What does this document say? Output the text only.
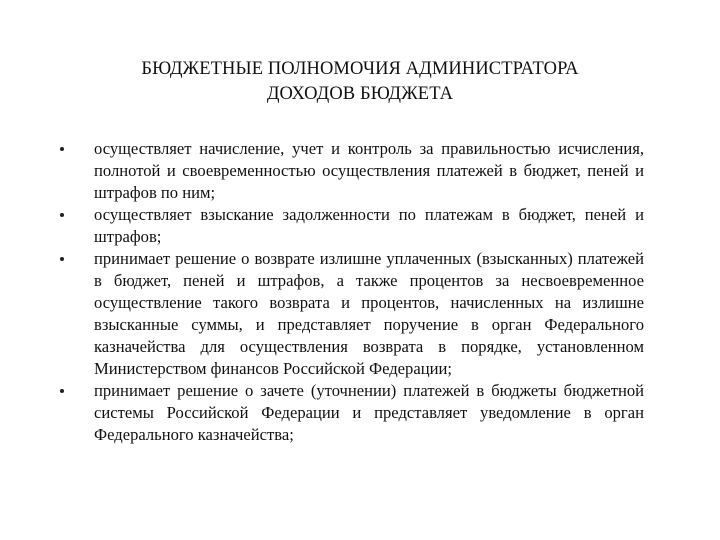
БЮДЖЕТНЫЕ ПОЛНОМОЧИЯ АДМИНИСТРАТОРА
ДОХОДОВ БЮДЖЕТА
осуществляет начисление, учет и контроль за правильностью исчисления, полнотой и своевременностью осуществления платежей в бюджет, пеней и штрафов по ним;
осуществляет взыскание задолженности по платежам в бюджет, пеней и штрафов;
принимает решение о возврате излишне уплаченных (взысканных) платежей в бюджет, пеней и штрафов, а также процентов за несвоевременное осуществление такого возврата и процентов, начисленных на излишне взысканные суммы, и представляет поручение в орган Федерального казначейства для осуществления возврата в порядке, установленном Министерством финансов Российской Федерации;
принимает решение о зачете (уточнении) платежей в бюджеты бюджетной системы Российской Федерации и представляет уведомление в орган Федерального казначейства;
